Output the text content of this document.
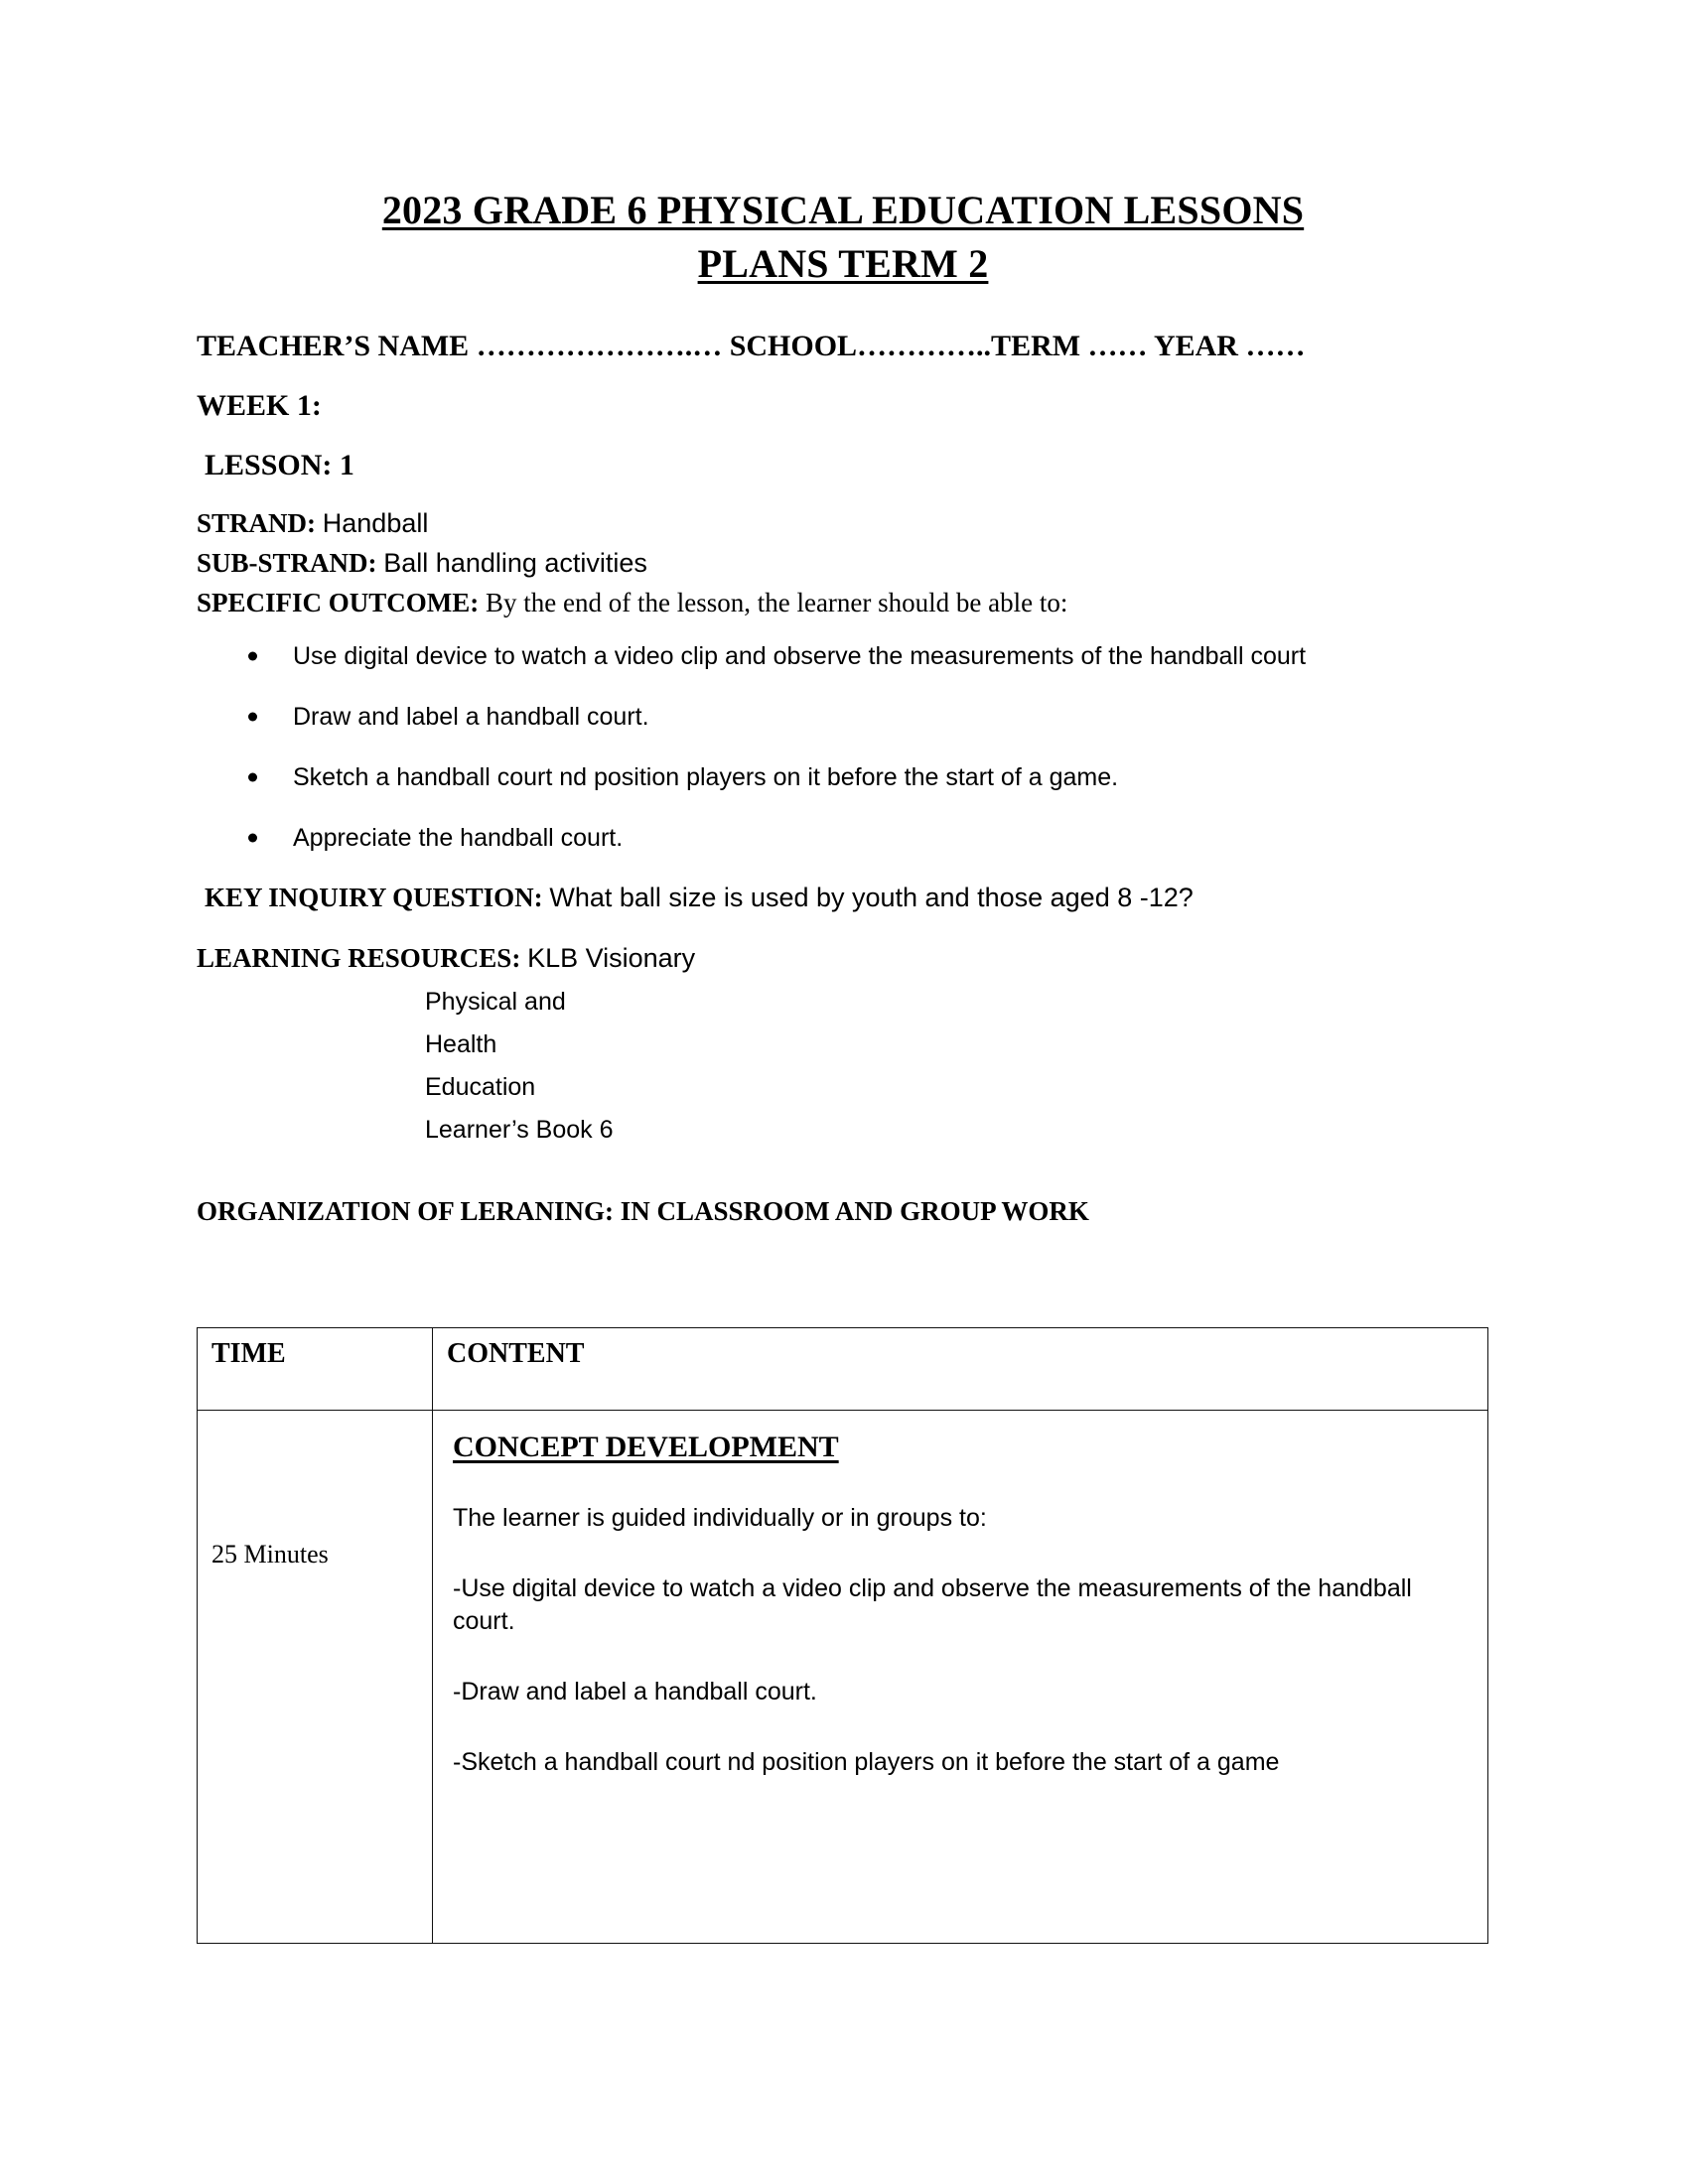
2023 GRADE 6 PHYSICAL EDUCATION LESSONS
PLANS TERM 2
TEACHER’S NAME ………………….… SCHOOL…………..TERM …… YEAR ……
WEEK 1:
LESSON: 1
STRAND: Handball
SUB-STRAND: Ball handling activities
SPECIFIC OUTCOME: By the end of the lesson, the learner should be able to:
Use digital device to watch a video clip and observe the measurements of the handball court
Draw and label a handball court.
Sketch a handball court nd position players on it before the start of a game.
Appreciate the handball court.
KEY INQUIRY QUESTION: What ball size is used by youth and those aged 8 -12?
LEARNING RESOURCES: KLB Visionary
Physical and
Health
Education
Learner’s Book 6
ORGANIZATION OF LERANING: IN CLASSROOM AND GROUP WORK
TIME	CONTENT
25 Minutes	CONCEPT DEVELOPMENT

The learner is guided individually or in groups to:

-Use digital device to watch a video clip and observe the measurements of the handball court.

-Draw and label a handball court.

-Sketch a handball court nd position players on it before the start of a game
